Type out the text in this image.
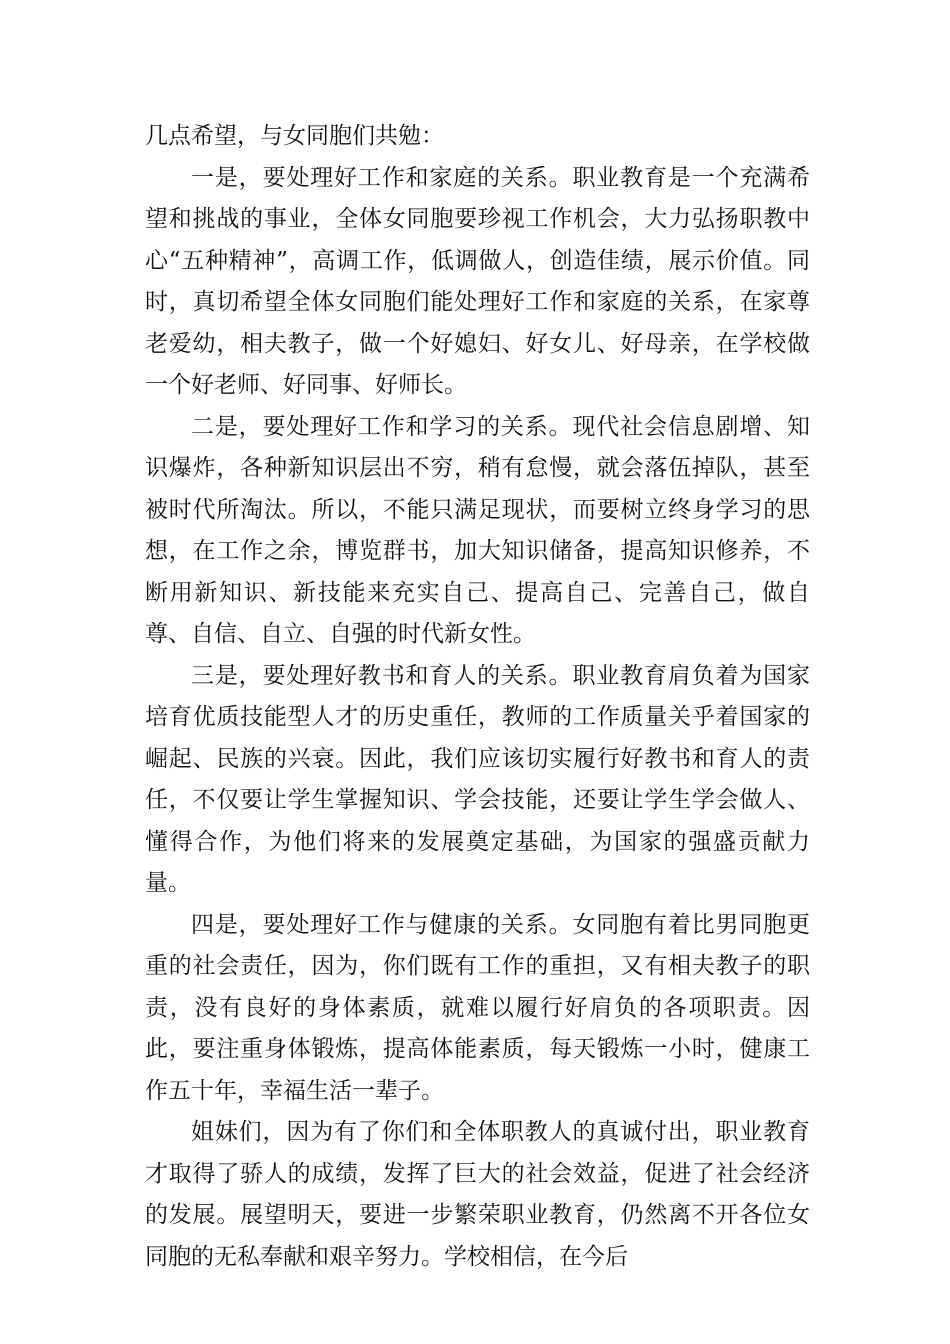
几点希望，与女同胞们共勉：

一是，要处理好工作和家庭的关系。职业教育是一个充满希望和挑战的事业，全体女同胞要珍视工作机会，大力弘扬职教中心“五种精神”，高调工作，低调做人，创造佳绩，展示价值。同时，真切希望全体女同胞们能处理好工作和家庭的关系，在家尊老爱幼，相夫教子，做一个好媳妇、好女儿、好母亲，在学校做一个好老师、好同事、好师长。

二是，要处理好工作和学习的关系。现代社会信息剧增、知识爆炸，各种新知识层出不穷，稍有怠慢，就会落伍掉队，甚至被时代所淘汰。所以，不能只满足现状，而要树立终身学习的思想，在工作之余，博览群书，加大知识储备，提高知识修养，不断用新知识、新技能来充实自己、提高自己、完善自己，做自尊、自信、自立、自强的时代新女性。

三是，要处理好教书和育人的关系。职业教育肩负着为国家培育优质技能型人才的历史重任，教师的工作质量关乎着国家的崛起、民族的兴衰。因此，我们应该切实履行好教书和育人的责任，不仅要让学生掌握知识、学会技能，还要让学生学会做人、懂得合作，为他们将来的发展奠定基础，为国家的强盛贡献力量。

四是，要处理好工作与健康的关系。女同胞有着比男同胞更重的社会责任，因为，你们既有工作的重担，又有相夫教子的职责，没有良好的身体素质，就难以履行好肩负的各项职责。因此，要注重身体锻炼，提高体能素质，每天锻炼一小时，健康工作五十年，幸福生活一辈子。

姐妹们，因为有了你们和全体职教人的真诚付出，职业教育才取得了骄人的成绩，发挥了巨大的社会效益，促进了社会经济的发展。展望明天，要进一步繁荣职业教育，仍然离不开各位女同胞的无私奉献和艰辛努力。学校相信，在今后
